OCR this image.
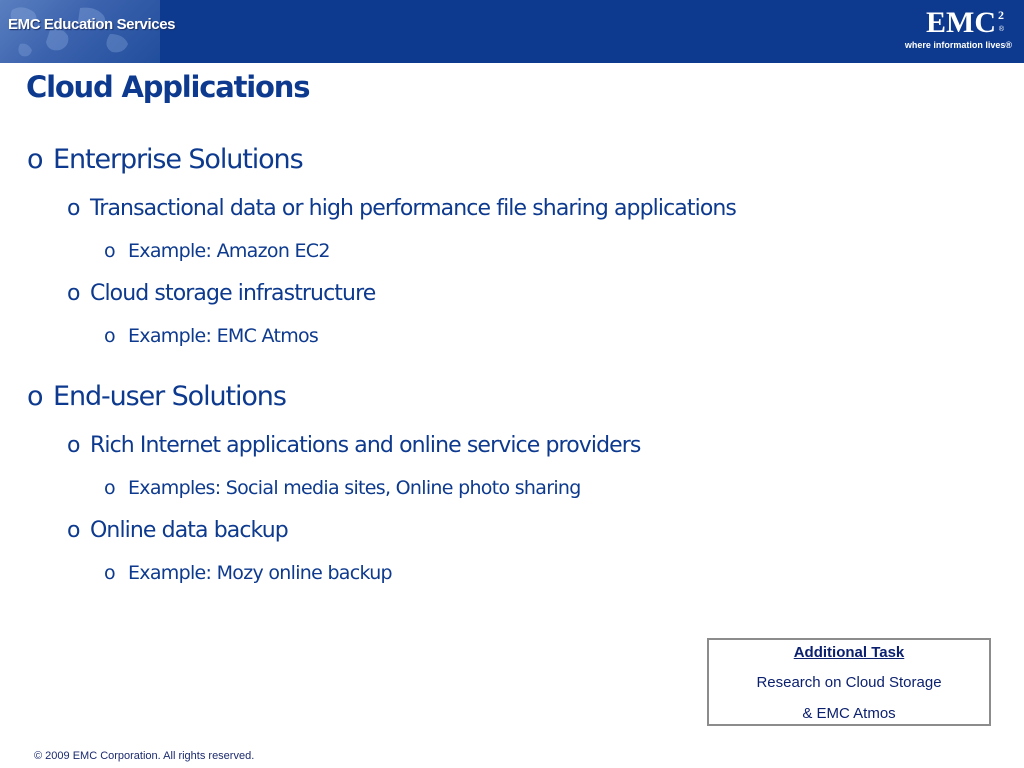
EMC Education Services	EMC 2
®
where information lives®
Cloud Applications
o Enterprise Solutions
o Transactional data or high performance file sharing applications
o Example: Amazon EC2
o Cloud storage infrastructure
o Example: EMC Atmos
o End-user Solutions
o Rich Internet applications and online service providers
o Examples: Social media sites, Online photo sharing
o Online data backup
o Example: Mozy online backup
Additional Task
Research on Cloud Storage
& EMC Atmos
© 2009 EMC Corporation. All rights reserved.
